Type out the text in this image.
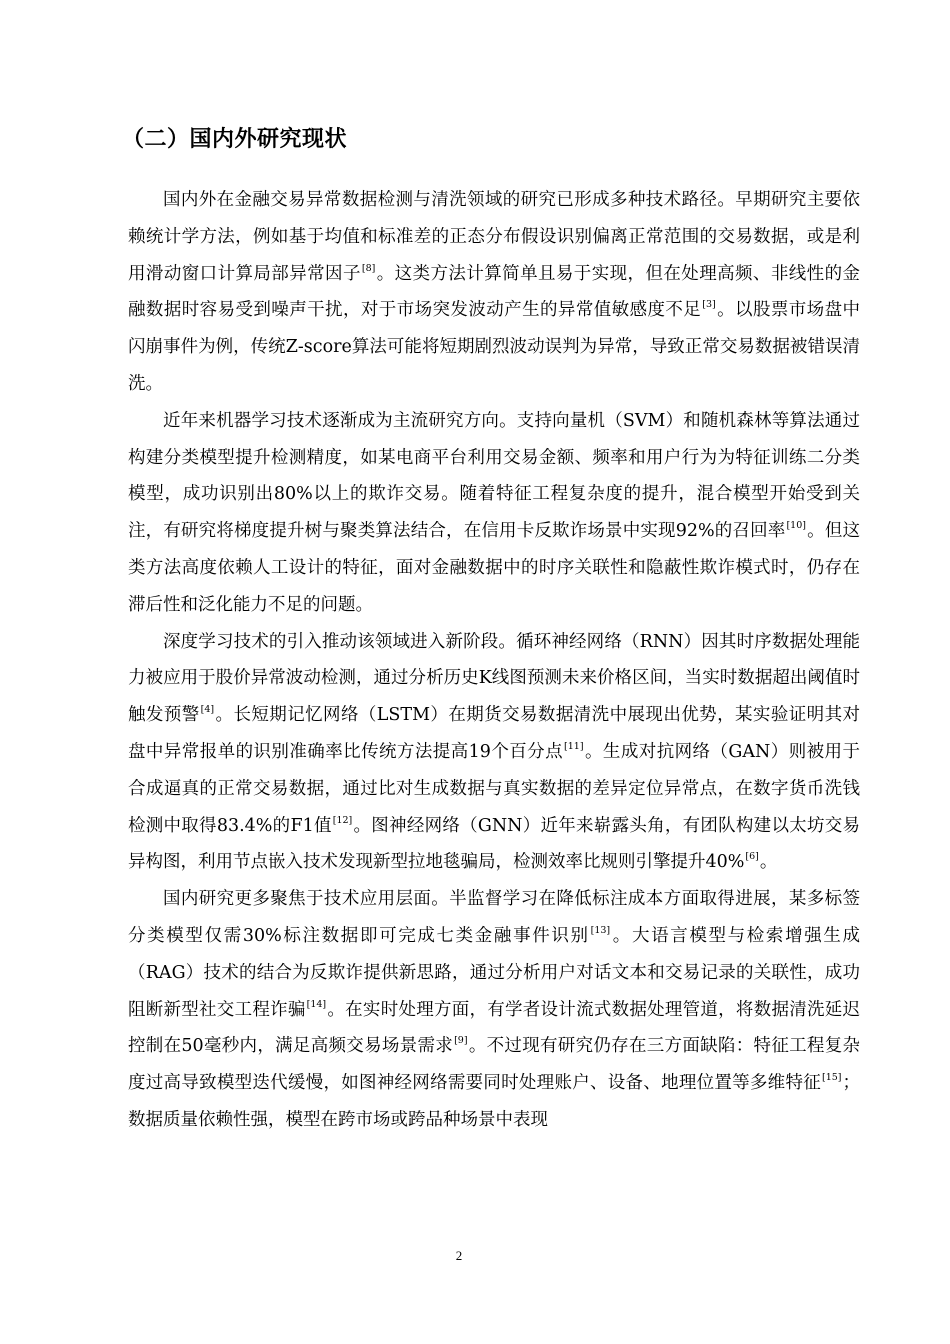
（二）国内外研究现状

国内外在金融交易异常数据检测与清洗领域的研究已形成多种技术路径。早期研究主要依赖统计学方法，例如基于均值和标准差的正态分布假设识别偏离正常范围的交易数据，或是利用滑动窗口计算局部异常因子[8]。这类方法计算简单且易于实现，但在处理高频、非线性的金融数据时容易受到噪声干扰，对于市场突发波动产生的异常值敏感度不足[3]。以股票市场盘中闪崩事件为例，传统Z-score算法可能将短期剧烈波动误判为异常，导致正常交易数据被错误清洗。

近年来机器学习技术逐渐成为主流研究方向。支持向量机（SVM）和随机森林等算法通过构建分类模型提升检测精度，如某电商平台利用交易金额、频率和用户行为为特征训练二分类模型，成功识别出80%以上的欺诈交易。随着特征工程复杂度的提升，混合模型开始受到关注，有研究将梯度提升树与聚类算法结合，在信用卡反欺诈场景中实现92%的召回率[10]。但这类方法高度依赖人工设计的特征，面对金融数据中的时序关联性和隐蔽性欺诈模式时，仍存在滞后性和泛化能力不足的问题。

深度学习技术的引入推动该领域进入新阶段。循环神经网络（RNN）因其时序数据处理能力被应用于股价异常波动检测，通过分析历史K线图预测未来价格区间，当实时数据超出阈值时触发预警[4]。长短期记忆网络（LSTM）在期货交易数据清洗中展现出优势，某实验证明其对盘中异常报单的识别准确率比传统方法提高19个百分点[11]。生成对抗网络（GAN）则被用于合成逼真的正常交易数据，通过比对生成数据与真实数据的差异定位异常点，在数字货币洗钱检测中取得83.4%的F1值[12]。图神经网络（GNN）近年来崭露头角，有团队构建以太坊交易异构图，利用节点嵌入技术发现新型拉地毯骗局，检测效率比规则引擎提升40%[6]。

国内研究更多聚焦于技术应用层面。半监督学习在降低标注成本方面取得进展，某多标签分类模型仅需30%标注数据即可完成七类金融事件识别[13]。大语言模型与检索增强生成（RAG）技术的结合为反欺诈提供新思路，通过分析用户对话文本和交易记录的关联性，成功阻断新型社交工程诈骗[14]。在实时处理方面，有学者设计流式数据处理管道，将数据清洗延迟控制在50毫秒内，满足高频交易场景需求[9]。不过现有研究仍存在三方面缺陷：特征工程复杂度过高导致模型迭代缓慢，如图神经网络需要同时处理账户、设备、地理位置等多维特征[15]；数据质量依赖性强，模型在跨市场或跨品种场景中表现

2
